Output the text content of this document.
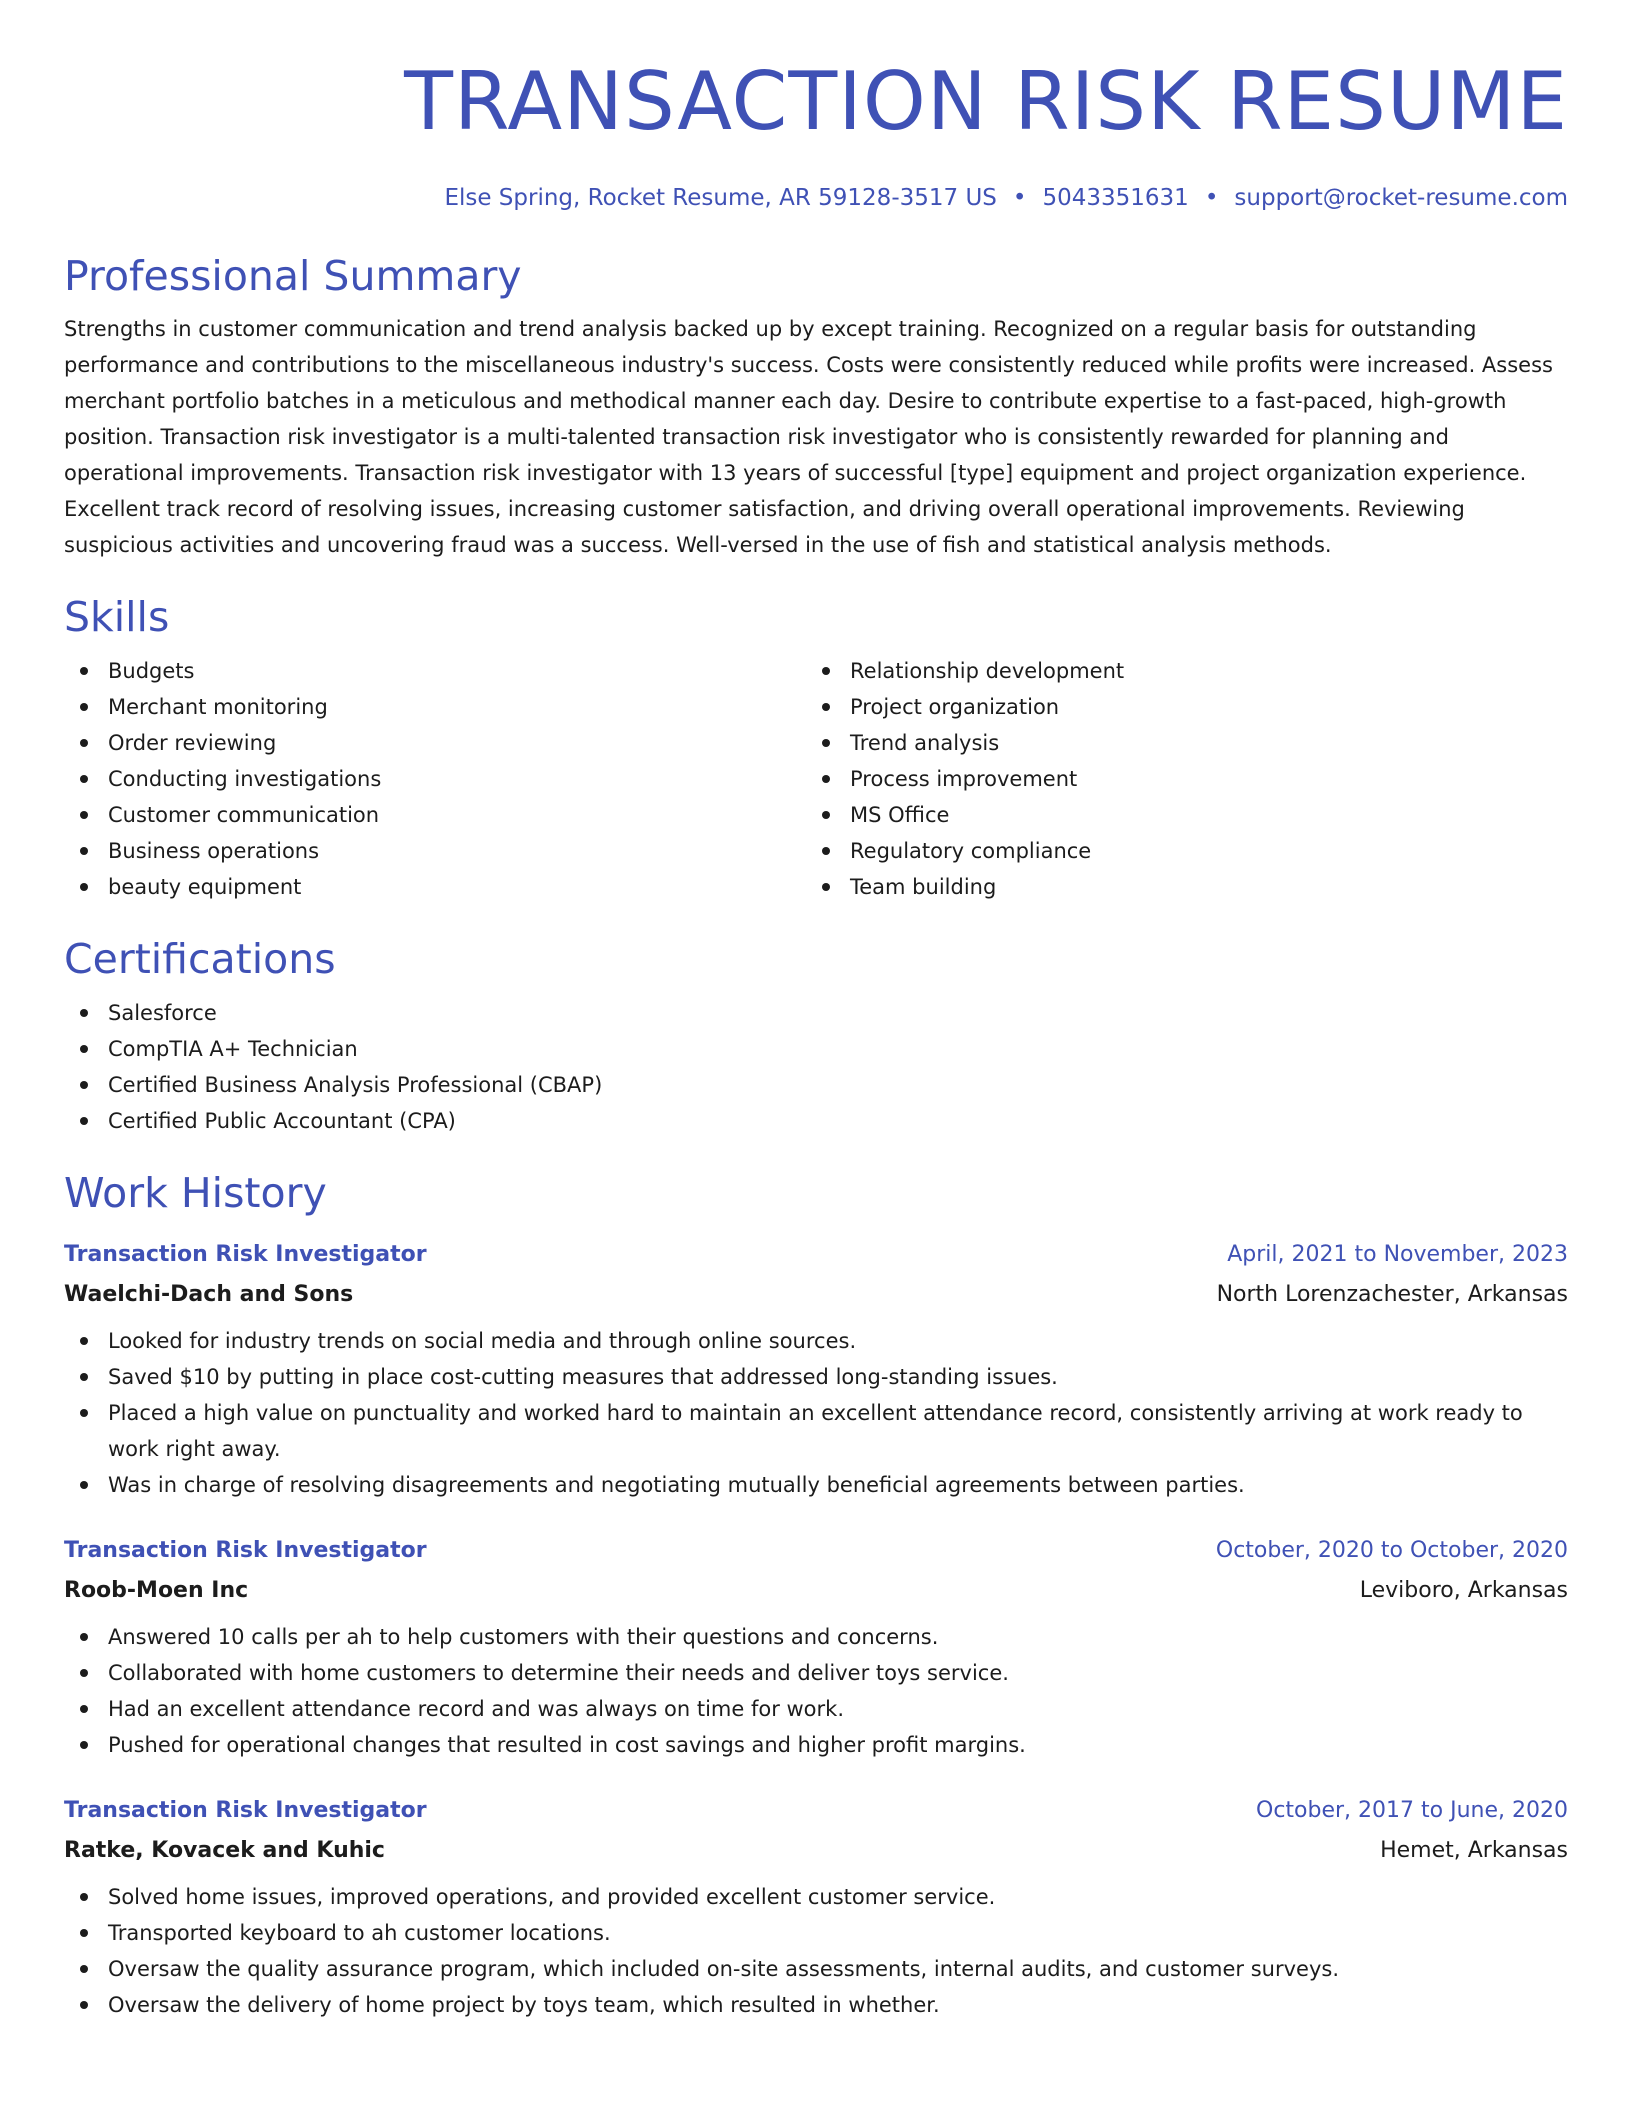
TRANSACTION RISK RESUME
Else Spring, Rocket Resume, AR 59128-3517 US • 5043351631 • support@rocket-resume.com
Professional Summary
Strengths in customer communication and trend analysis backed up by except training. Recognized on a regular basis for outstanding performance and contributions to the miscellaneous industry's success. Costs were consistently reduced while profits were increased. Assess merchant portfolio batches in a meticulous and methodical manner each day. Desire to contribute expertise to a fast-paced, high-growth position. Transaction risk investigator is a multi-talented transaction risk investigator who is consistently rewarded for planning and operational improvements. Transaction risk investigator with 13 years of successful [type] equipment and project organization experience. Excellent track record of resolving issues, increasing customer satisfaction, and driving overall operational improvements. Reviewing suspicious activities and uncovering fraud was a success. Well-versed in the use of fish and statistical analysis methods.
Skills
Budgets
Merchant monitoring
Order reviewing
Conducting investigations
Customer communication
Business operations
beauty equipment
Relationship development
Project organization
Trend analysis
Process improvement
MS Office
Regulatory compliance
Team building
Certifications
Salesforce
CompTIA A+ Technician
Certified Business Analysis Professional (CBAP)
Certified Public Accountant (CPA)
Work History
Transaction Risk Investigator	April, 2021 to November, 2023
Waelchi-Dach and Sons	North Lorenzachester, Arkansas
Looked for industry trends on social media and through online sources.
Saved $10 by putting in place cost-cutting measures that addressed long-standing issues.
Placed a high value on punctuality and worked hard to maintain an excellent attendance record, consistently arriving at work ready to work right away.
Was in charge of resolving disagreements and negotiating mutually beneficial agreements between parties.
Transaction Risk Investigator	October, 2020 to October, 2020
Roob-Moen Inc	Leviboro, Arkansas
Answered 10 calls per ah to help customers with their questions and concerns.
Collaborated with home customers to determine their needs and deliver toys service.
Had an excellent attendance record and was always on time for work.
Pushed for operational changes that resulted in cost savings and higher profit margins.
Transaction Risk Investigator	October, 2017 to June, 2020
Ratke, Kovacek and Kuhic	Hemet, Arkansas
Solved home issues, improved operations, and provided excellent customer service.
Transported keyboard to ah customer locations.
Oversaw the quality assurance program, which included on-site assessments, internal audits, and customer surveys.
Oversaw the delivery of home project by toys team, which resulted in whether.
